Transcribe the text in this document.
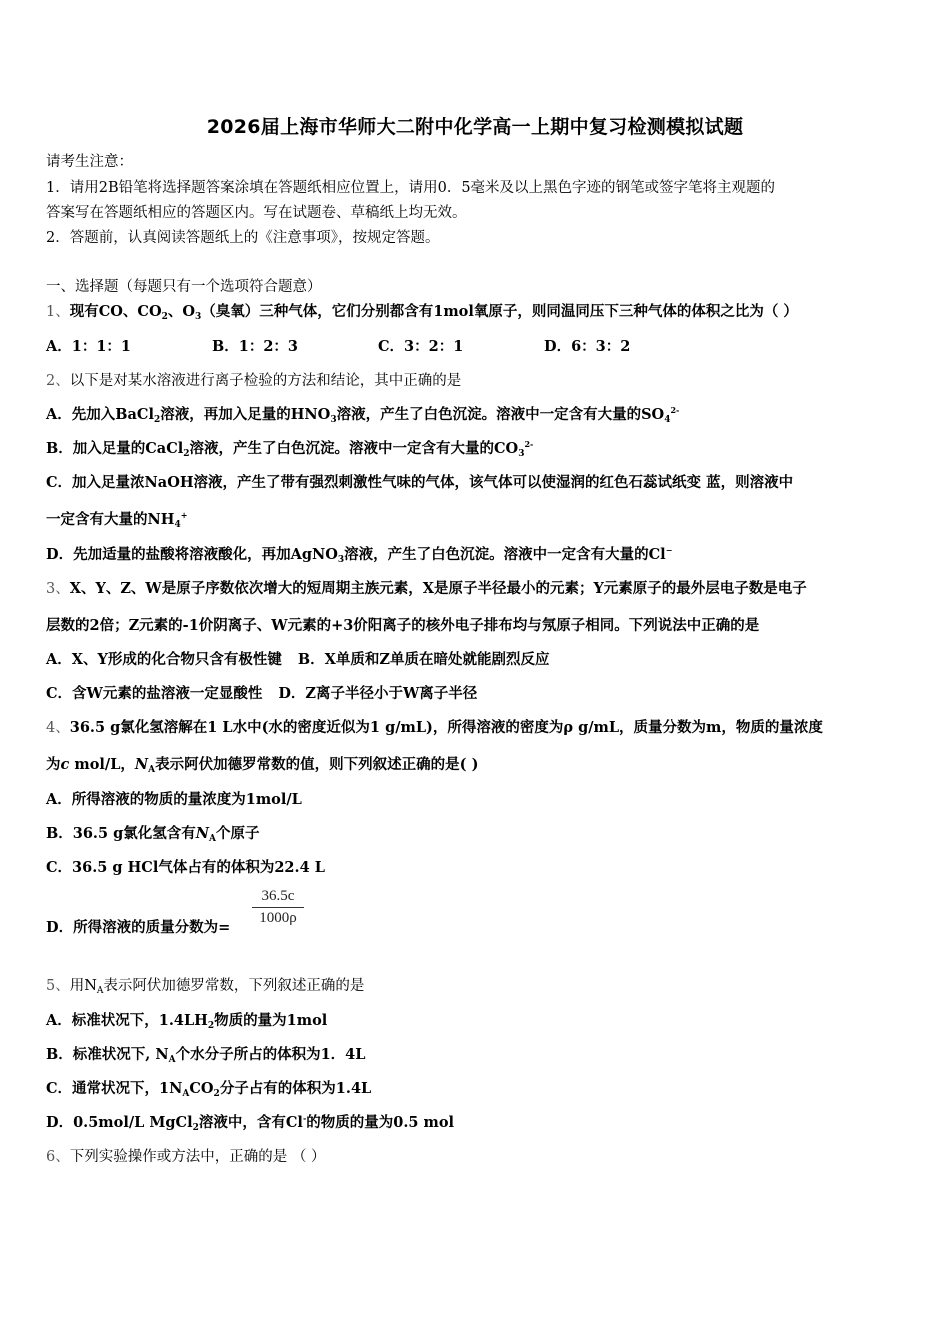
2026届上海市华师大二附中化学高一上期中复习检测模拟试题
请考生注意：
1．请用2B铅笔将选择题答案涂填在答题纸相应位置上，请用0．5毫米及以上黑色字迹的钢笔或签字笔将主观题的
答案写在答题纸相应的答题区内。写在试题卷、草稿纸上均无效。
2．答题前，认真阅读答题纸上的《注意事项》，按规定答题。
一、选择题（每题只有一个选项符合题意）
1、现有CO、$CO_2$、$O_3$（臭氧）三种气体，它们分别都含有1mol氧原子，则同温同压下三种气体的体积之比为（ ）
A．1：1：1	B．1：2：3	C．3：2：1	D．6：3：2
2、以下是对某水溶液进行离子检验的方法和结论，其中正确的是
A．先加入BaCl$_2$溶液，再加入足量的$HNO_3$溶液，产生了白色沉淀。溶液中一定含有大量的$SO_4^{2-}$
B．加入足量的CaCl$_2$溶液，产生了白色沉淀。溶液中一定含有大量的$CO_3^{2-}$
C．加入足量浓NaOH溶液，产生了带有强烈刺激性气味的气体，该气体可以使湿润的红色石蕊试纸变 蓝，则溶液中
一定含有大量的$NH_4^+$
D．先加适量的盐酸将溶液酸化，再加AgNO$_3$溶液，产生了白色沉淀。溶液中一定含有大量的Cl−
3、X、Y、Z、W是原子序数依次增大的短周期主族元素，X是原子半径最小的元素；Y元素原子的最外层电子数是电子
层数的2倍；Z元素的-1价阴离子、W元素的+3价阳离子的核外电子排布均与氖原子相同。下列说法中正确的是
A．X、Y形成的化合物只含有极性键 B．X单质和Z单质在暗处就能剧烈反应
C．含W元素的盐溶液一定显酸性 D．Z离子半径小于W离子半径
4、36.5 g氯化氢溶解在1 L水中(水的密度近似为1 g/mL)，所得溶液的密度为ρ g/mL，质量分数为m，物质的量浓度
为c mol/L，$N_A$表示阿伏加德罗常数的值，则下列叙述正确的是( )
A．所得溶液的物质的量浓度为1mol/L
B．36.5 g氯化氢含有$N_A$个原子
C．36.5 g HCl气体占有的体积为22.4 L
D．所得溶液的质量分数为=
$\frac{36.5c}{1000\rho}$
5、用$N_A$表示阿伏加德罗常数，下列叙述正确的是
A．标准状况下，$1.4LH_2$物质的量为1mol
B．标准状况下, $N_A$个水分子所占的体积为1．4L
C．通常状况下，$1N_ACO_2$分子占有的体积为1.4L
D．0.5mol/L MgCl$_2$溶液中，含有Cl-的物质的量为0.5 mol
6、下列实验操作或方法中，正确的是 （ ）
